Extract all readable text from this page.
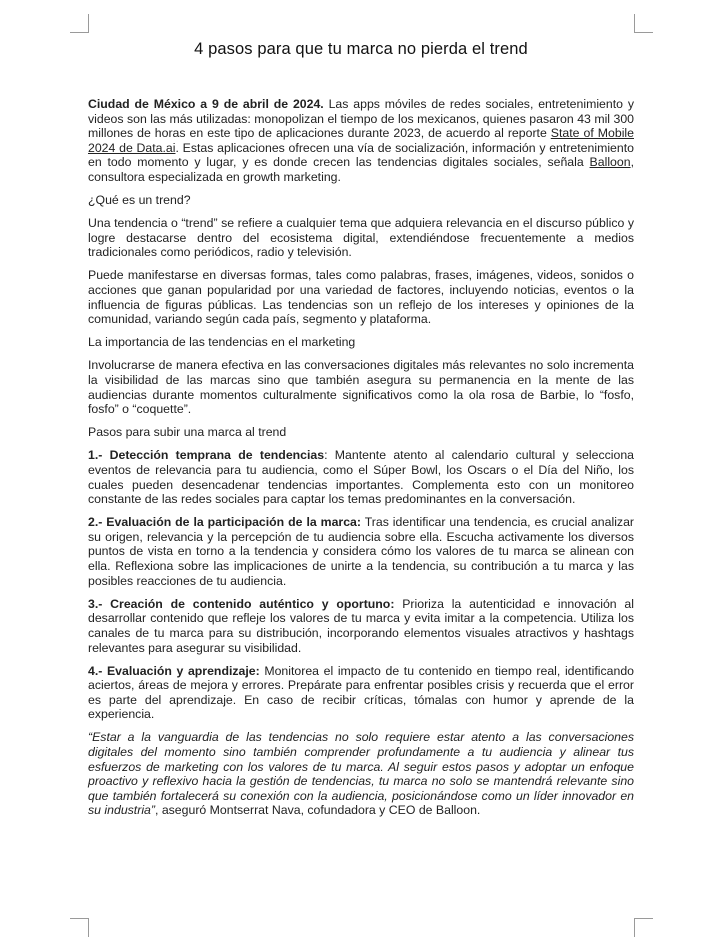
4 pasos para que tu marca no pierda el trend

Ciudad de México a 9 de abril de 2024. Las apps móviles de redes sociales, entretenimiento y videos son las más utilizadas: monopolizan el tiempo de los mexicanos, quienes pasaron 43 mil 300 millones de horas en este tipo de aplicaciones durante 2023, de acuerdo al reporte State of Mobile 2024 de Data.ai. Estas aplicaciones ofrecen una vía de socialización, información y entretenimiento en todo momento y lugar, y es donde crecen las tendencias digitales sociales, señala Balloon, consultora especializada en growth marketing.

¿Qué es un trend?

Una tendencia o “trend” se refiere a cualquier tema que adquiera relevancia en el discurso público y logre destacarse dentro del ecosistema digital, extendiéndose frecuentemente a medios tradicionales como periódicos, radio y televisión.

Puede manifestarse en diversas formas, tales como palabras, frases, imágenes, videos, sonidos o acciones que ganan popularidad por una variedad de factores, incluyendo noticias, eventos o la influencia de figuras públicas. Las tendencias son un reflejo de los intereses y opiniones de la comunidad, variando según cada país, segmento y plataforma.

La importancia de las tendencias en el marketing

Involucrarse de manera efectiva en las conversaciones digitales más relevantes no solo incrementa la visibilidad de las marcas sino que también asegura su permanencia en la mente de las audiencias durante momentos culturalmente significativos como la ola rosa de Barbie, lo “fosfo, fosfo” o “coquette”.

Pasos para subir una marca al trend

1.- Detección temprana de tendencias: Mantente atento al calendario cultural y selecciona eventos de relevancia para tu audiencia, como el Súper Bowl, los Oscars o el Día del Niño, los cuales pueden desencadenar tendencias importantes. Complementa esto con un monitoreo constante de las redes sociales para captar los temas predominantes en la conversación.

2.- Evaluación de la participación de la marca: Tras identificar una tendencia, es crucial analizar su origen, relevancia y la percepción de tu audiencia sobre ella. Escucha activamente los diversos puntos de vista en torno a la tendencia y considera cómo los valores de tu marca se alinean con ella. Reflexiona sobre las implicaciones de unirte a la tendencia, su contribución a tu marca y las posibles reacciones de tu audiencia.

3.- Creación de contenido auténtico y oportuno: Prioriza la autenticidad e innovación al desarrollar contenido que refleje los valores de tu marca y evita imitar a la competencia. Utiliza los canales de tu marca para su distribución, incorporando elementos visuales atractivos y hashtags relevantes para asegurar su visibilidad.

4.- Evaluación y aprendizaje: Monitorea el impacto de tu contenido en tiempo real, identificando aciertos, áreas de mejora y errores. Prepárate para enfrentar posibles crisis y recuerda que el error es parte del aprendizaje. En caso de recibir críticas, tómalas con humor y aprende de la experiencia.

“Estar a la vanguardia de las tendencias no solo requiere estar atento a las conversaciones digitales del momento sino también comprender profundamente a tu audiencia y alinear tus esfuerzos de marketing con los valores de tu marca. Al seguir estos pasos y adoptar un enfoque proactivo y reflexivo hacia la gestión de tendencias, tu marca no solo se mantendrá relevante sino que también fortalecerá su conexión con la audiencia, posicionándose como un líder innovador en su industria”, aseguró Montserrat Nava, cofundadora y CEO de Balloon.
